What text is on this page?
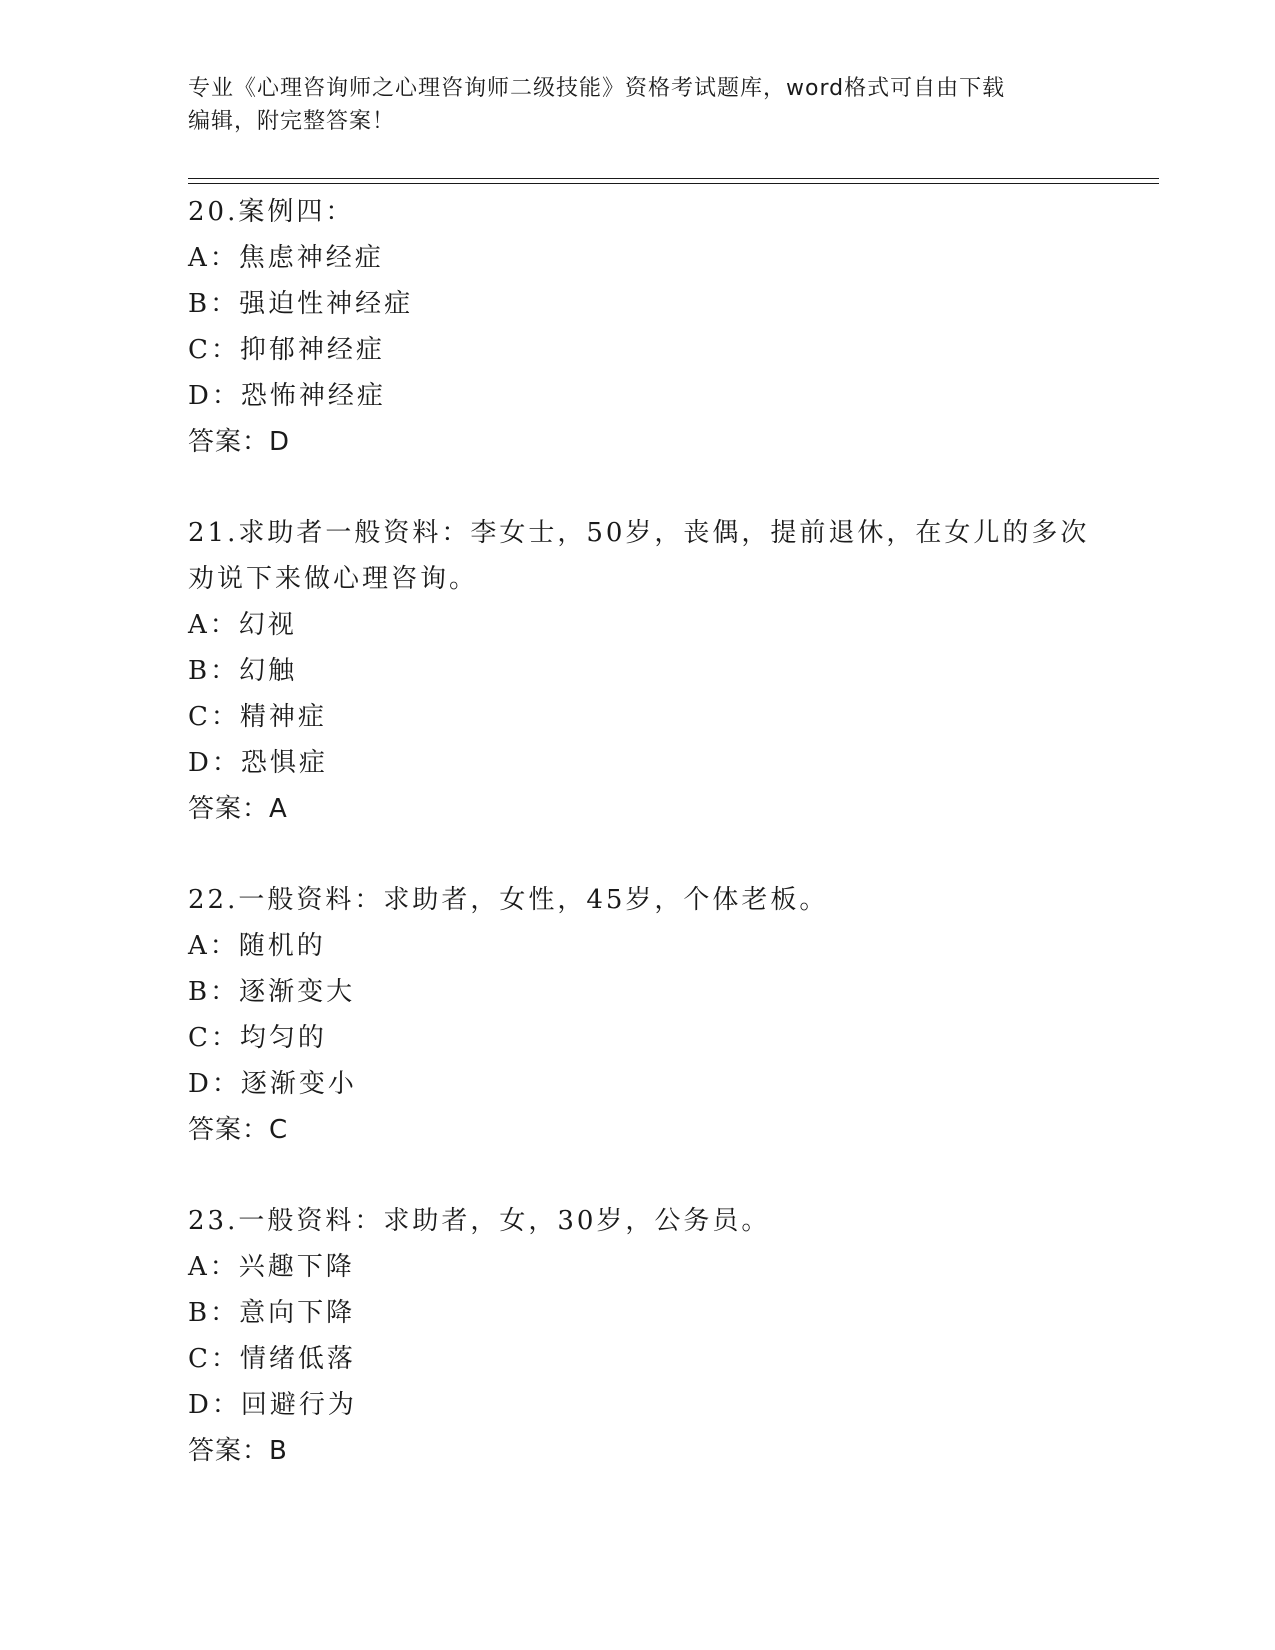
专业《心理咨询师之心理咨询师二级技能》资格考试题库，word格式可自由下载
编辑，附完整答案！
20.案例四：
A：焦虑神经症
B：强迫性神经症
C：抑郁神经症
D：恐怖神经症
答案：D
21.求助者一般资料：李女士，50岁，丧偶，提前退休，在女儿的多次
劝说下来做心理咨询。
A：幻视
B：幻触
C：精神症
D：恐惧症
答案：A
22.一般资料：求助者，女性，45岁，个体老板。
A：随机的
B：逐渐变大
C：均匀的
D：逐渐变小
答案：C
23.一般资料：求助者，女，30岁，公务员。
A：兴趣下降
B：意向下降
C：情绪低落
D：回避行为
答案：B
